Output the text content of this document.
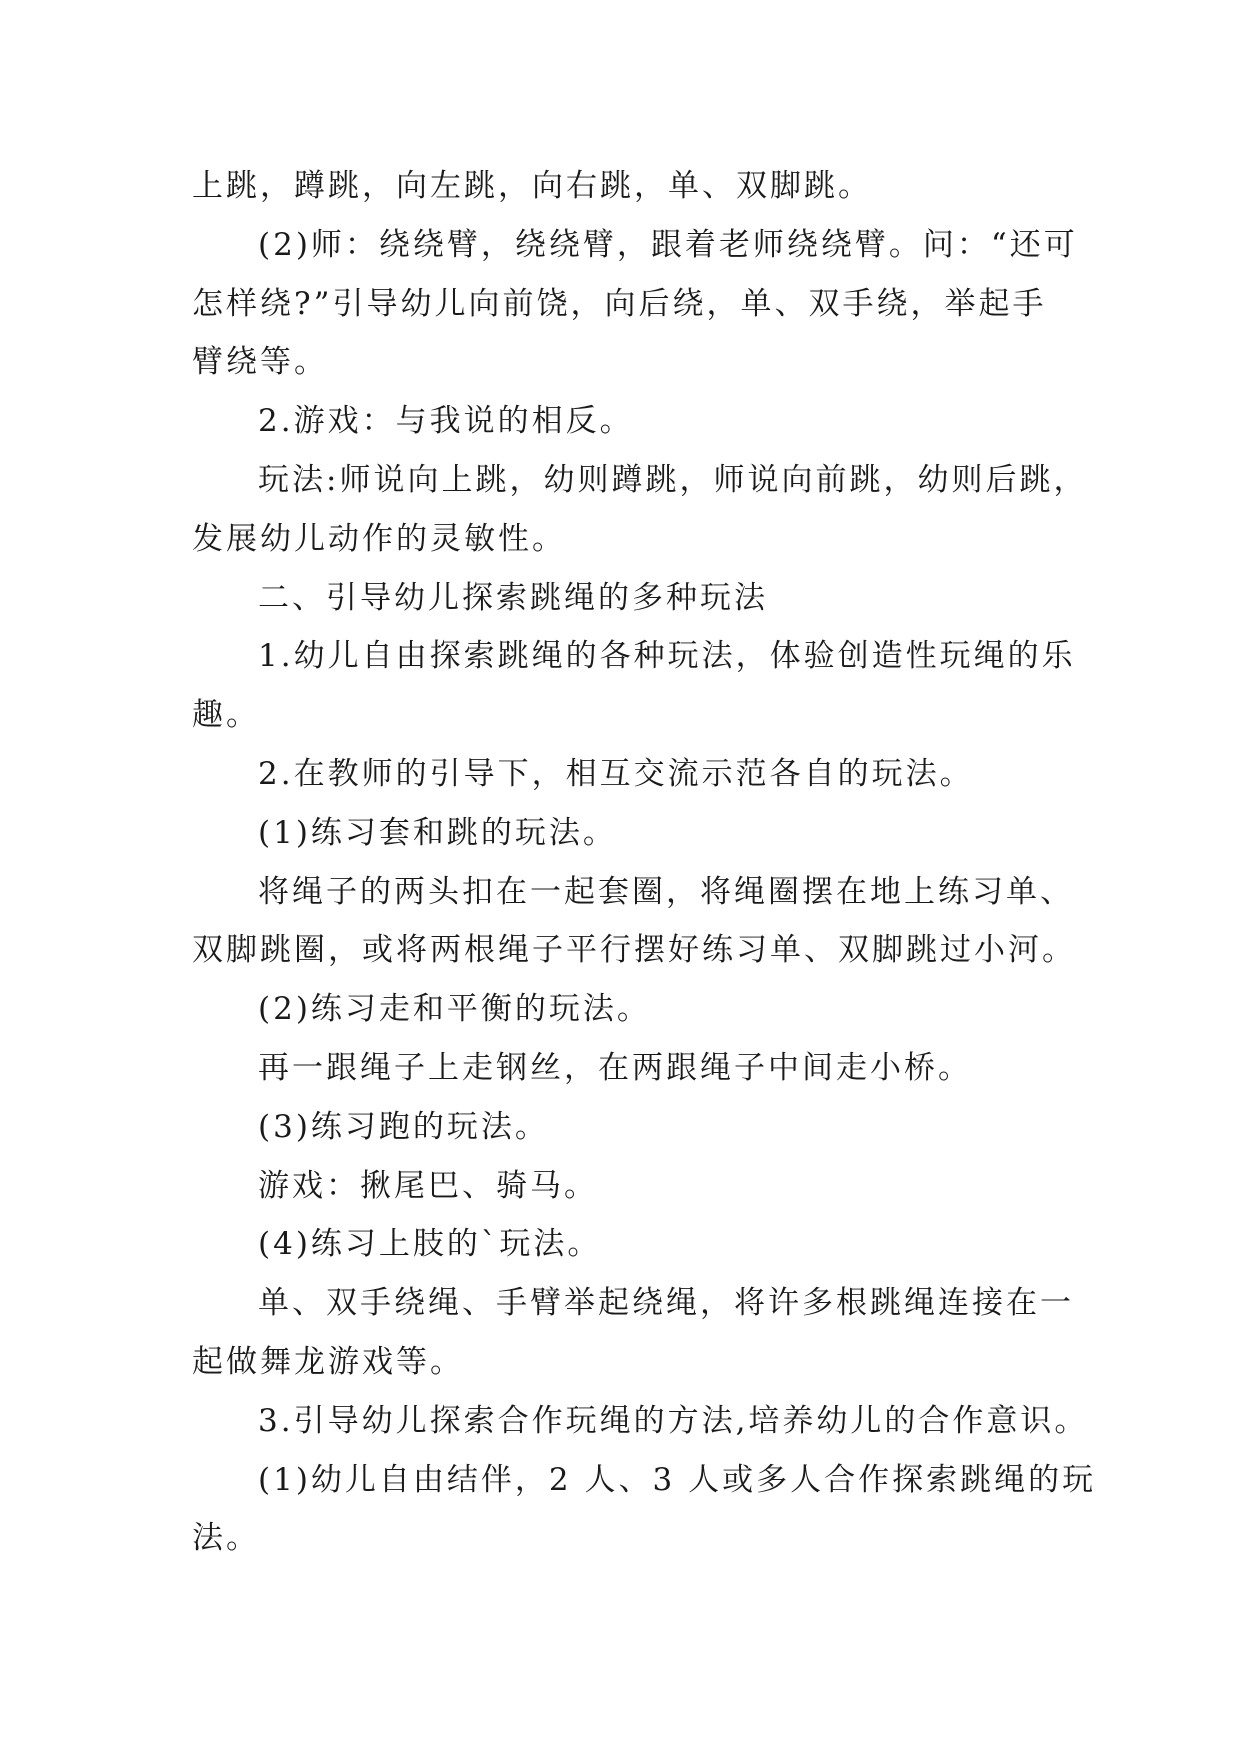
上跳，蹲跳，向左跳，向右跳，单、双脚跳。
(2)师：绕绕臂，绕绕臂，跟着老师绕绕臂。问：“还可
怎样绕?”引导幼儿向前饶，向后绕，单、双手绕，举起手
臂绕等。
2.游戏：与我说的相反。
玩法:师说向上跳，幼则蹲跳，师说向前跳，幼则后跳，
发展幼儿动作的灵敏性。
二、引导幼儿探索跳绳的多种玩法
1.幼儿自由探索跳绳的各种玩法，体验创造性玩绳的乐
趣。
2.在教师的引导下，相互交流示范各自的玩法。
(1)练习套和跳的玩法。
将绳子的两头扣在一起套圈，将绳圈摆在地上练习单、
双脚跳圈，或将两根绳子平行摆好练习单、双脚跳过小河。
(2)练习走和平衡的玩法。
再一跟绳子上走钢丝，在两跟绳子中间走小桥。
(3)练习跑的玩法。
游戏：揪尾巴、骑马。
(4)练习上肢的`玩法。
单、双手绕绳、手臂举起绕绳，将许多根跳绳连接在一
起做舞龙游戏等。
3.引导幼儿探索合作玩绳的方法,培养幼儿的合作意识。
(1)幼儿自由结伴，2 人、3 人或多人合作探索跳绳的玩
法。
